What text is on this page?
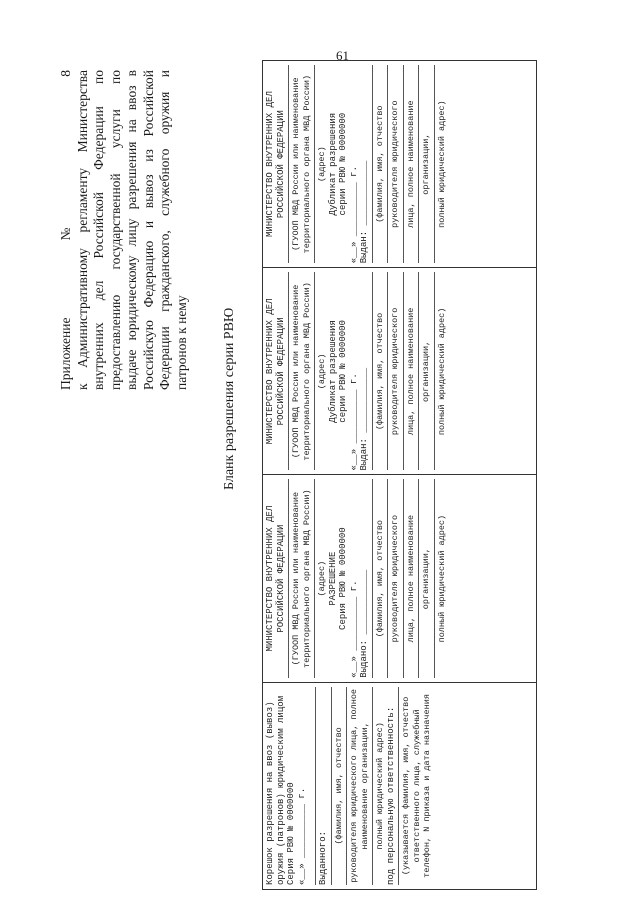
61
Приложение № 8 к Административному регламенту Министерства внутренних дел Российской Федерации по предоставлению государственной услуги по выдаче юридическому лицу разрешения на ввоз в Российскую Федерацию и вывоз из Российской Федерации гражданского, служебного оружия и патронов к нему Бланк разрешения серии РВЮ
Корешок разрешения на ввоз (вывоз) оружия (патронов) юридическим лицом Серия РВЮ № 0000000 «__» __________ г. Выданного:
(фамилия, имя, отчество руководителя юридического лица, полное наименование организации, полный юридический адрес) под персональную ответственность: (указывается фамилия, имя, отчество ответственного лица, служебный телефон, N приказа и дата назначения

МИНИСТЕРСТВО ВНУТРЕННИХ ДЕЛ РОССИЙСКОЙ ФЕДЕРАЦИИ (ГУООП МВД России или наименование территориального органа МВД России) (адрес) РАЗРЕШЕНИЕ Серия РВЮ № 0000000 «__» __________ г. Выдано: ____________ (фамилия, имя, отчество руководителя юридического лица, полное наименование организации, полный юридический адрес)

МИНИСТЕРСТВО ВНУТРЕННИХ ДЕЛ РОССИЙСКОЙ ФЕДЕРАЦИИ (ГУООП МВД России или наименование территориального органа МВД России) (адрес) Дубликат разрешения серии РВЮ № 0000000 «__» __________ г. Выдан: ____________ (фамилия, имя, отчество руководителя юридического лица, полное наименование организации, полный юридический адрес)

МИНИСТЕРСТВО ВНУТРЕННИХ ДЕЛ РОССИЙСКОЙ ФЕДЕРАЦИИ (ГУООП МВД России или наименование территориального органа МВД России) (адрес) Дубликат разрешения серии РВЮ № 0000000 «__» __________ г. Выдан: ____________ (фамилия, имя, отчество руководителя юридического лица, полное наименование организации, полный юридический адрес)
